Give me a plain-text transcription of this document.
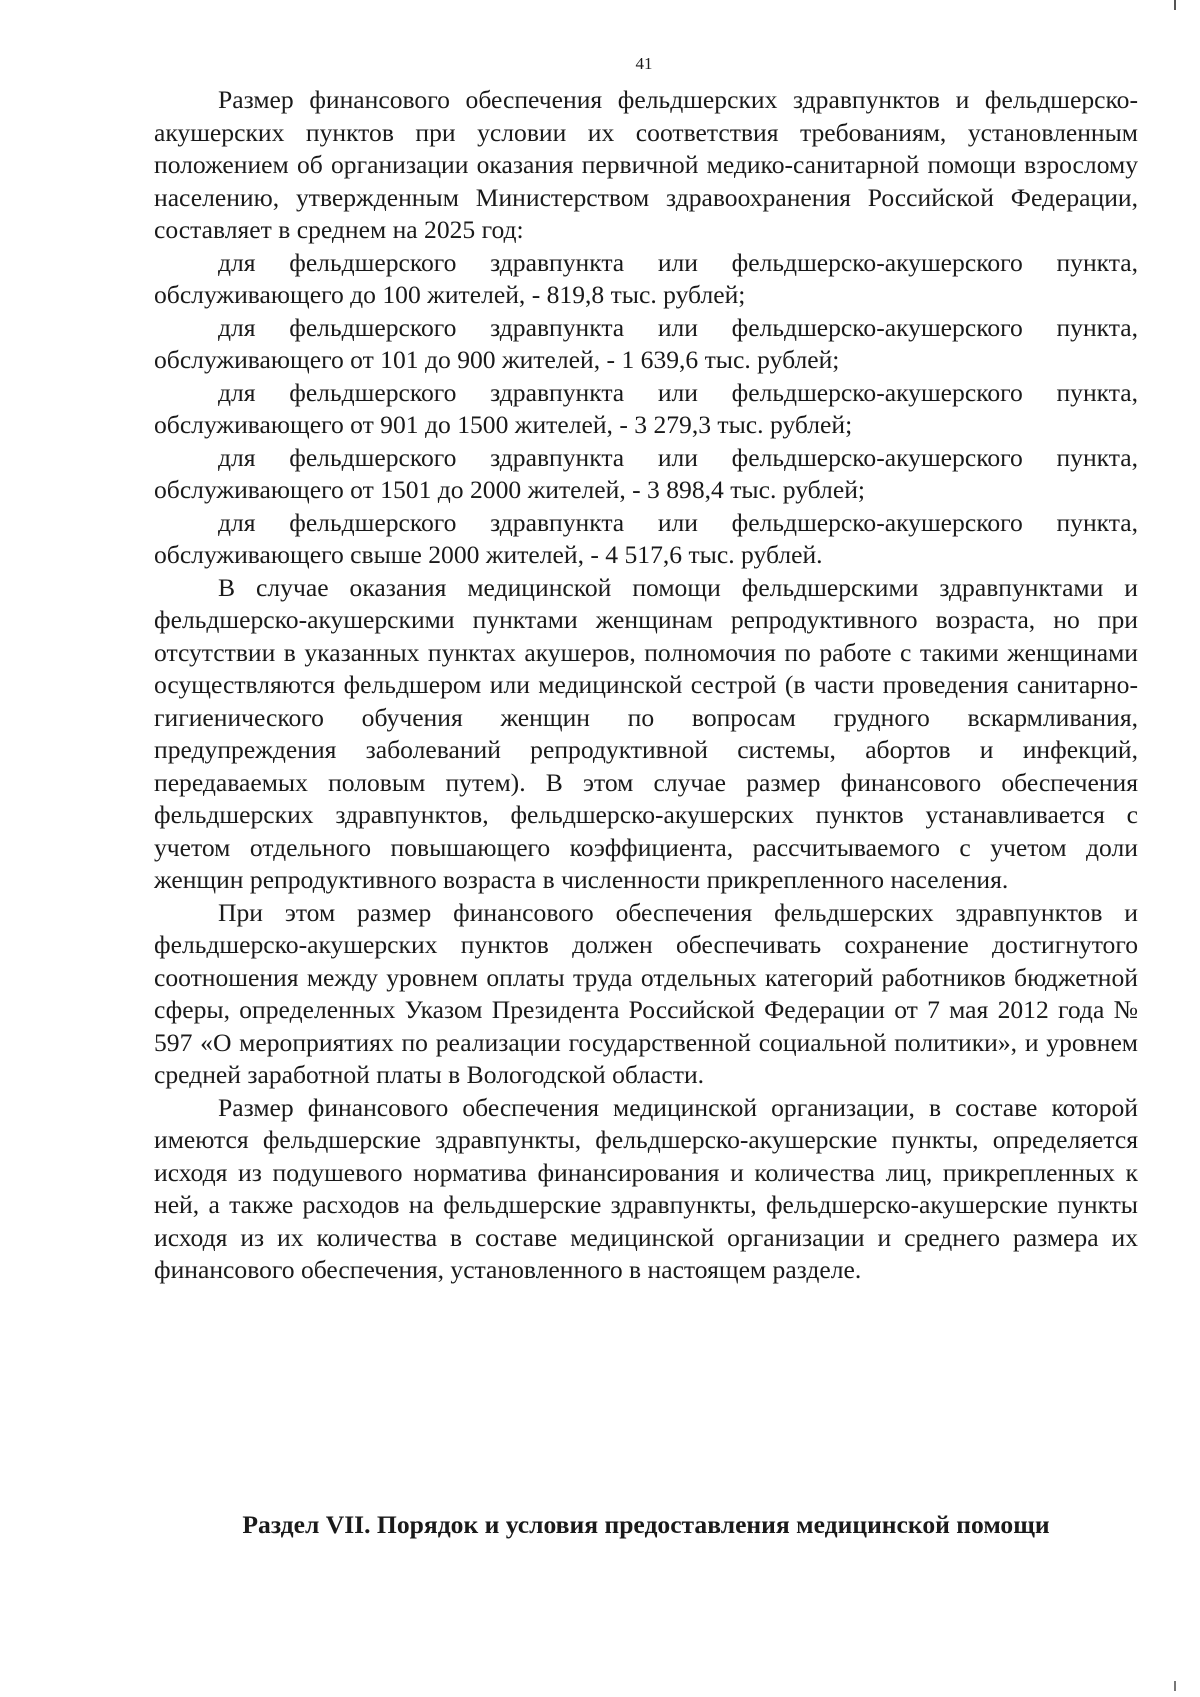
41

Размер финансового обеспечения фельдшерских здравпунктов и фельдшерско-акушерских пунктов при условии их соответствия требованиям, установленным положением об организации оказания первичной медико-санитарной помощи взрослому населению, утвержденным Министерством здравоохранения Российской Федерации, составляет в среднем на 2025 год:

для фельдшерского здравпункта или фельдшерско-акушерского пункта, обслуживающего до 100 жителей, - 819,8 тыс. рублей;

для фельдшерского здравпункта или фельдшерско-акушерского пункта, обслуживающего от 101 до 900 жителей, - 1 639,6 тыс. рублей;

для фельдшерского здравпункта или фельдшерско-акушерского пункта, обслуживающего от 901 до 1500 жителей, - 3 279,3 тыс. рублей;

для фельдшерского здравпункта или фельдшерско-акушерского пункта, обслуживающего от 1501 до 2000 жителей, - 3 898,4 тыс. рублей;

для фельдшерского здравпункта или фельдшерско-акушерского пункта, обслуживающего свыше 2000 жителей, - 4 517,6 тыс. рублей.

В случае оказания медицинской помощи фельдшерскими здравпунктами и фельдшерско-акушерскими пунктами женщинам репродуктивного возраста, но при отсутствии в указанных пунктах акушеров, полномочия по работе с такими женщинами осуществляются фельдшером или медицинской сестрой (в части проведения санитарно-гигиенического обучения женщин по вопросам грудного вскармливания, предупреждения заболеваний репродуктивной системы, абортов и инфекций, передаваемых половым путем). В этом случае размер финансового обеспечения фельдшерских здравпунктов, фельдшерско-акушерских пунктов устанавливается с учетом отдельного повышающего коэффициента, рассчитываемого с учетом доли женщин репродуктивного возраста в численности прикрепленного населения.

При этом размер финансового обеспечения фельдшерских здравпунктов и фельдшерско-акушерских пунктов должен обеспечивать сохранение достигнутого соотношения между уровнем оплаты труда отдельных категорий работников бюджетной сферы, определенных Указом Президента Российской Федерации от 7 мая 2012 года № 597 «О мероприятиях по реализации государственной социальной политики», и уровнем средней заработной платы в Вологодской области.

Размер финансового обеспечения медицинской организации, в составе которой имеются фельдшерские здравпункты, фельдшерско-акушерские пункты, определяется исходя из подушевого норматива финансирования и количества лиц, прикрепленных к ней, а также расходов на фельдшерские здравпункты, фельдшерско-акушерские пункты исходя из их количества в составе медицинской организации и среднего размера их финансового обеспечения, установленного в настоящем разделе.

Раздел VII. Порядок и условия предоставления медицинской помощи
